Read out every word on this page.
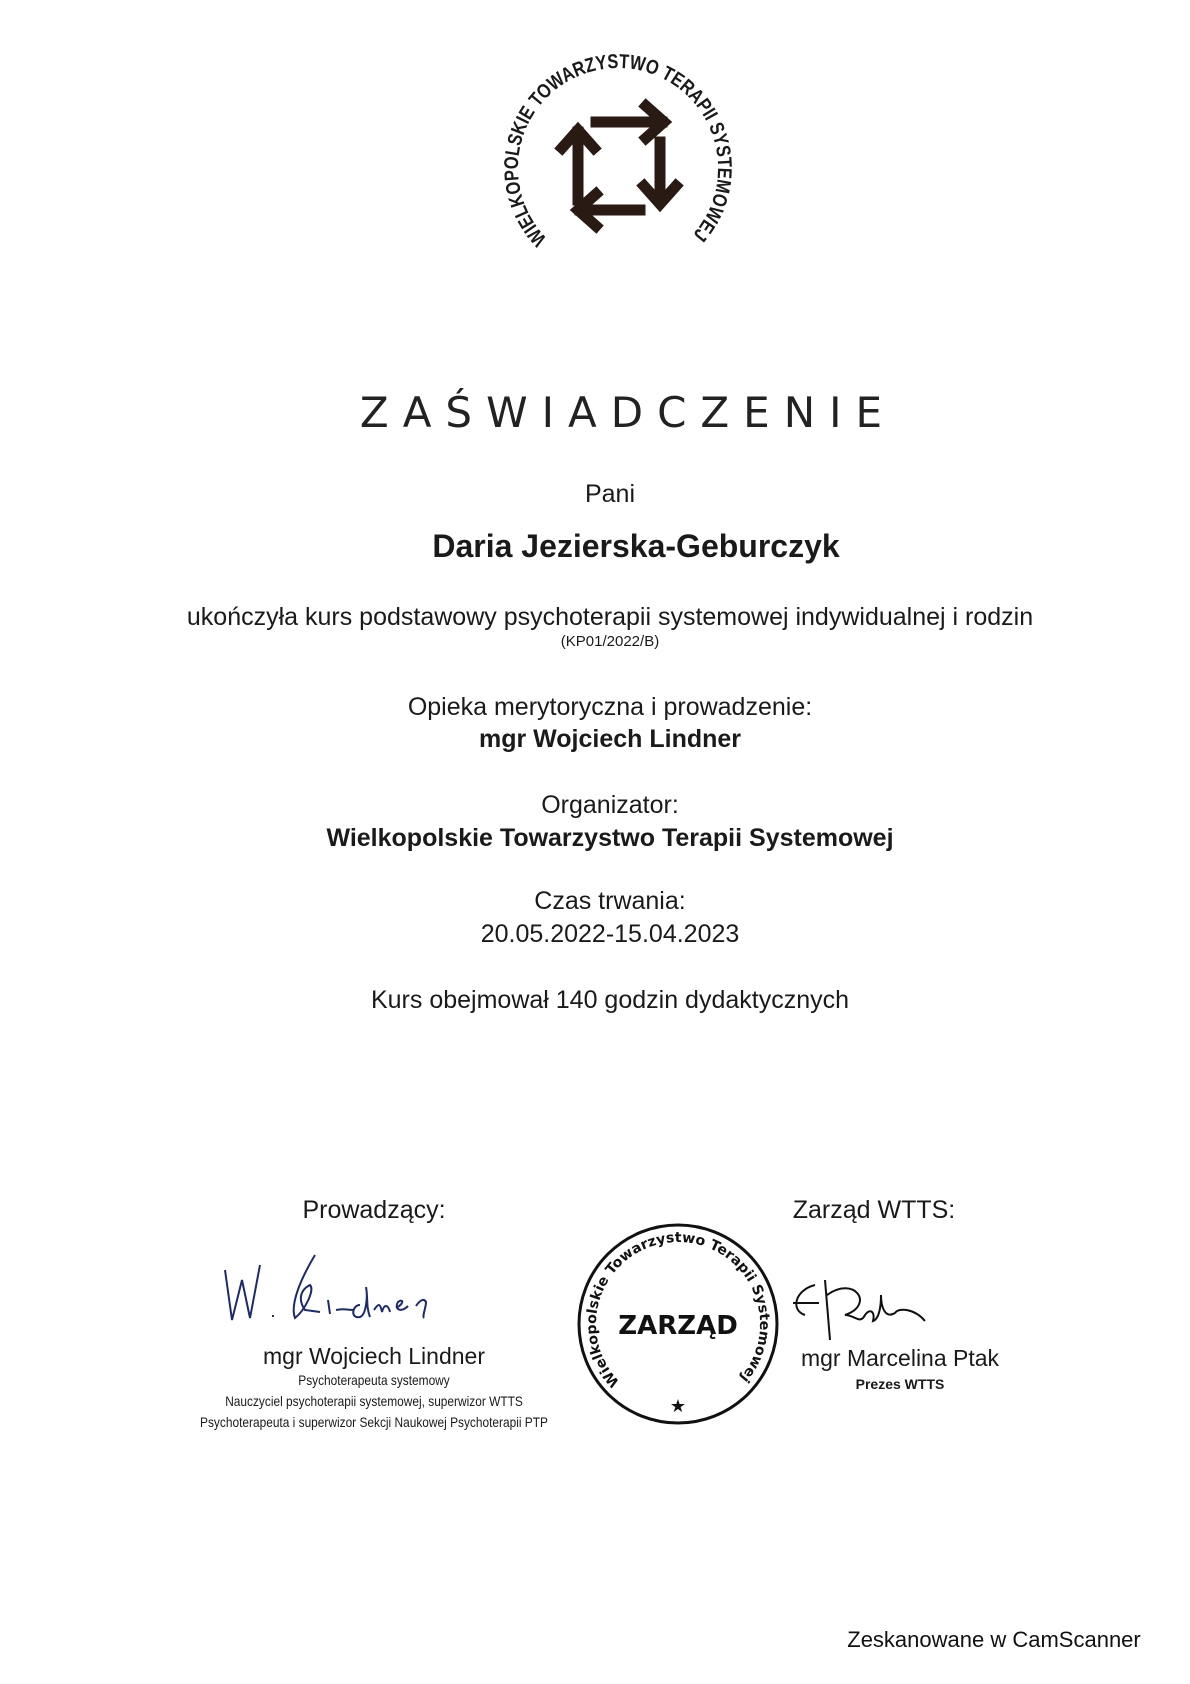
WIELKOPOLSKIE TOWARZYSTWO TERAPII SYSTEMOWEJ
ZAŚWIADCZENIE
Pani
Daria Jezierska-Geburczyk
ukończyła kurs podstawowy psychoterapii systemowej indywidualnej i rodzin
(KP01/2022/B)
Opieka merytoryczna i prowadzenie:
mgr Wojciech Lindner
Organizator:
Wielkopolskie Towarzystwo Terapii Systemowej
Czas trwania:
20.05.2022-15.04.2023
Kurs obejmował 140 godzin dydaktycznych
Prowadzący:
mgr Wojciech Lindner
Psychoterapeuta systemowy
Nauczyciel psychoterapii systemowej, superwizor WTTS
Psychoterapeuta i superwizor Sekcji Naukowej Psychoterapii PTP
Wielkopolskie Towarzystwo Terapii Systemowej
ZARZĄD
★
Zarząd WTTS:
mgr Marcelina Ptak
Prezes WTTS
Zeskanowane w CamScanner
